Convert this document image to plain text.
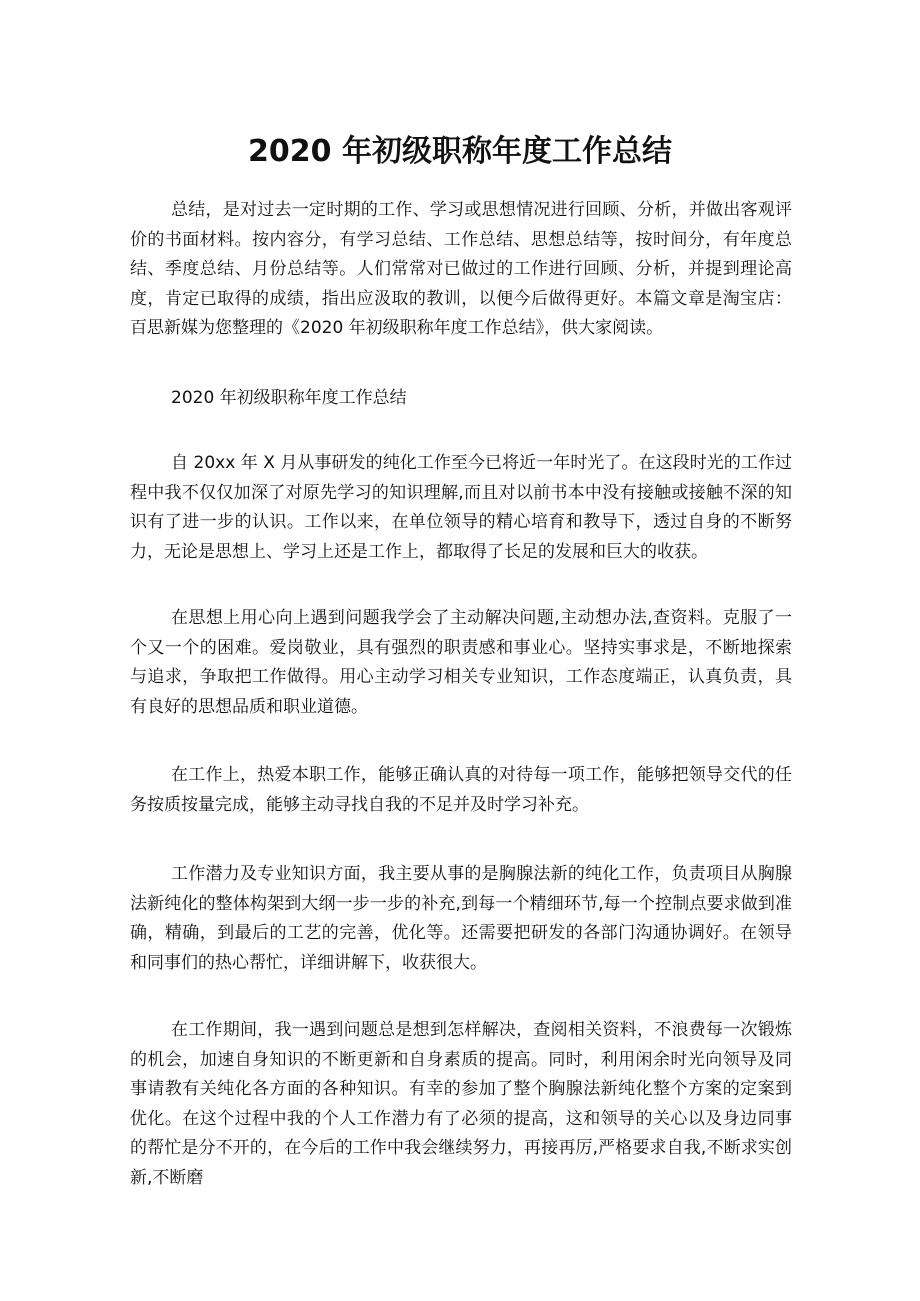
2020 年初级职称年度工作总结

总结，是对过去一定时期的工作、学习或思想情况进行回顾、分析，并做出客观评价的书面材料。按内容分，有学习总结、工作总结、思想总结等，按时间分，有年度总结、季度总结、月份总结等。人们常常对已做过的工作进行回顾、分析，并提到理论高度，肯定已取得的成绩，指出应汲取的教训，以便今后做得更好。本篇文章是淘宝店：百思新媒为您整理的《2020 年初级职称年度工作总结》，供大家阅读。

2020 年初级职称年度工作总结

自 20xx 年 X 月从事研发的纯化工作至今已将近一年时光了。在这段时光的工作过程中我不仅仅加深了对原先学习的知识理解,而且对以前书本中没有接触或接触不深的知识有了进一步的认识。工作以来，在单位领导的精心培育和教导下，透过自身的不断努力，无论是思想上、学习上还是工作上，都取得了长足的发展和巨大的收获。

在思想上用心向上遇到问题我学会了主动解决问题,主动想办法,查资料。克服了一个又一个的困难。爱岗敬业，具有强烈的职责感和事业心。坚持实事求是，不断地探索与追求，争取把工作做得。用心主动学习相关专业知识，工作态度端正，认真负责，具有良好的思想品质和职业道德。

在工作上，热爱本职工作，能够正确认真的对待每一项工作，能够把领导交代的任务按质按量完成，能够主动寻找自我的不足并及时学习补充。

工作潜力及专业知识方面，我主要从事的是胸腺法新的纯化工作，负责项目从胸腺法新纯化的整体构架到大纲一步一步的补充,到每一个精细环节,每一个控制点要求做到准确，精确，到最后的工艺的完善，优化等。还需要把研发的各部门沟通协调好。在领导和同事们的热心帮忙，详细讲解下，收获很大。

在工作期间，我一遇到问题总是想到怎样解决，查阅相关资料，不浪费每一次锻炼的机会，加速自身知识的不断更新和自身素质的提高。同时，利用闲余时光向领导及同事请教有关纯化各方面的各种知识。有幸的参加了整个胸腺法新纯化整个方案的定案到优化。在这个过程中我的个人工作潜力有了必须的提高，这和领导的关心以及身边同事的帮忙是分不开的，在今后的工作中我会继续努力，再接再厉,严格要求自我,不断求实创新,不断磨
